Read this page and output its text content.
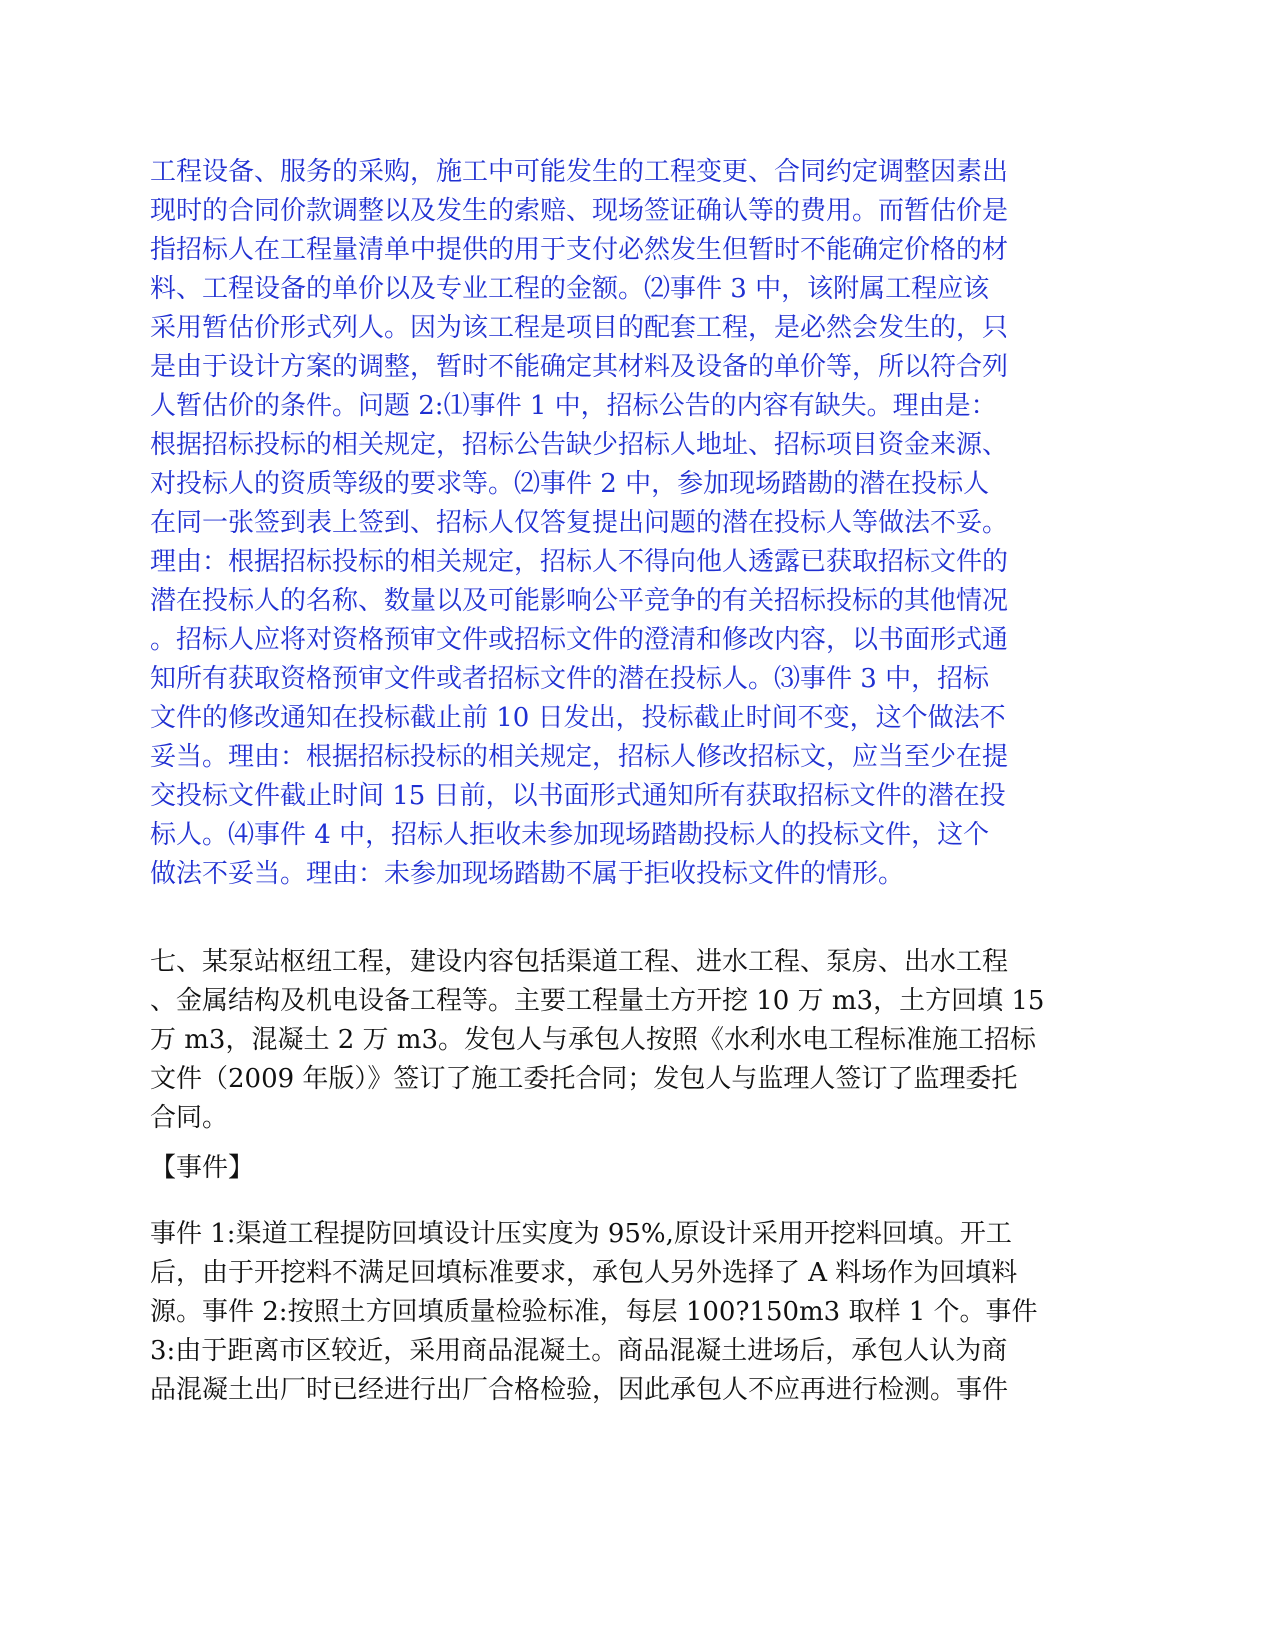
工程设备、服务的采购，施工中可能发生的工程变更、合同约定调整因素出
现时的合同价款调整以及发生的索赔、现场签证确认等的费用。而暂估价是
指招标人在工程量清单中提供的用于支付必然发生但暂时不能确定价格的材
料、工程设备的单价以及专业工程的金额。⑵事件 3 中，该附属工程应该
采用暂估价形式列人。因为该工程是项目的配套工程，是必然会发生的，只
是由于设计方案的调整，暂时不能确定其材料及设备的单价等，所以符合列
人暂估价的条件。问题 2:⑴事件 1 中，招标公告的内容有缺失。理由是：
根据招标投标的相关规定，招标公告缺少招标人地址、招标项目资金来源、
对投标人的资质等级的要求等。⑵事件 2 中，参加现场踏勘的潜在投标人
在同一张签到表上签到、招标人仅答复提出问题的潜在投标人等做法不妥。
理由：根据招标投标的相关规定，招标人不得向他人透露已获取招标文件的
潜在投标人的名称、数量以及可能影响公平竞争的有关招标投标的其他情况
。招标人应将对资格预审文件或招标文件的澄清和修改内容，以书面形式通
知所有获取资格预审文件或者招标文件的潜在投标人。⑶事件 3 中，招标
文件的修改通知在投标截止前 10 日发出，投标截止时间不变，这个做法不
妥当。理由：根据招标投标的相关规定，招标人修改招标文，应当至少在提
交投标文件截止时间 15 日前，以书面形式通知所有获取招标文件的潜在投
标人。⑷事件 4 中，招标人拒收未参加现场踏勘投标人的投标文件，这个
做法不妥当。理由：未参加现场踏勘不属于拒收投标文件的情形。
七、某泵站枢纽工程，建设内容包括渠道工程、进水工程、泵房、出水工程
、金属结构及机电设备工程等。主要工程量土方开挖 10 万 m3，土方回填 15
万 m3，混凝土 2 万 m3。发包人与承包人按照《水利水电工程标准施工招标
文件（2009 年版）》签订了施工委托合同；发包人与监理人签订了监理委托
合同。
【事件】
事件 1:渠道工程提防回填设计压实度为 95%,原设计采用开挖料回填。开工
后，由于开挖料不满足回填标准要求，承包人另外选择了 A 料场作为回填料
源。事件 2:按照土方回填质量检验标准，每层 100?150m3 取样 1 个。事件
3:由于距离市区较近，采用商品混凝土。商品混凝土进场后，承包人认为商
品混凝土出厂时已经进行出厂合格检验，因此承包人不应再进行检测。事件
